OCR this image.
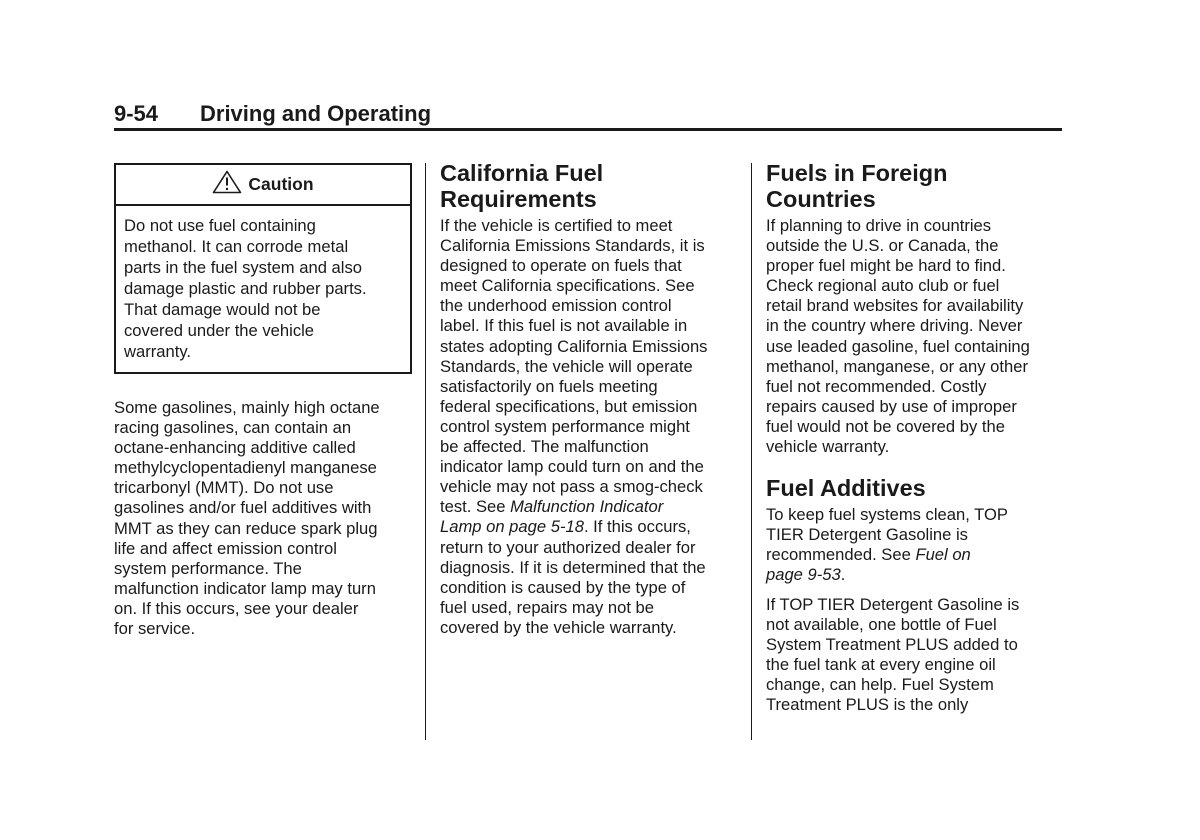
9-54 Driving and Operating
Caution
Do not use fuel containing
methanol. It can corrode metal
parts in the fuel system and also
damage plastic and rubber parts.
That damage would not be
covered under the vehicle
warranty.

Some gasolines, mainly high octane
racing gasolines, can contain an
octane-enhancing additive called
methylcyclopentadienyl manganese
tricarbonyl (MMT). Do not use
gasolines and/or fuel additives with
MMT as they can reduce spark plug
life and affect emission control
system performance. The
malfunction indicator lamp may turn
on. If this occurs, see your dealer
for service.

California Fuel
Requirements

If the vehicle is certified to meet
California Emissions Standards, it is
designed to operate on fuels that
meet California specifications. See
the underhood emission control
label. If this fuel is not available in
states adopting California Emissions
Standards, the vehicle will operate
satisfactorily on fuels meeting
federal specifications, but emission
control system performance might
be affected. The malfunction
indicator lamp could turn on and the
vehicle may not pass a smog-check
test. See Malfunction Indicator
Lamp on page 5-18. If this occurs,
return to your authorized dealer for
diagnosis. If it is determined that the
condition is caused by the type of
fuel used, repairs may not be
covered by the vehicle warranty.

Fuels in Foreign
Countries

If planning to drive in countries
outside the U.S. or Canada, the
proper fuel might be hard to find.
Check regional auto club or fuel
retail brand websites for availability
in the country where driving. Never
use leaded gasoline, fuel containing
methanol, manganese, or any other
fuel not recommended. Costly
repairs caused by use of improper
fuel would not be covered by the
vehicle warranty.

Fuel Additives

To keep fuel systems clean, TOP
TIER Detergent Gasoline is
recommended. See Fuel on
page 9-53.

If TOP TIER Detergent Gasoline is
not available, one bottle of Fuel
System Treatment PLUS added to
the fuel tank at every engine oil
change, can help. Fuel System
Treatment PLUS is the only
